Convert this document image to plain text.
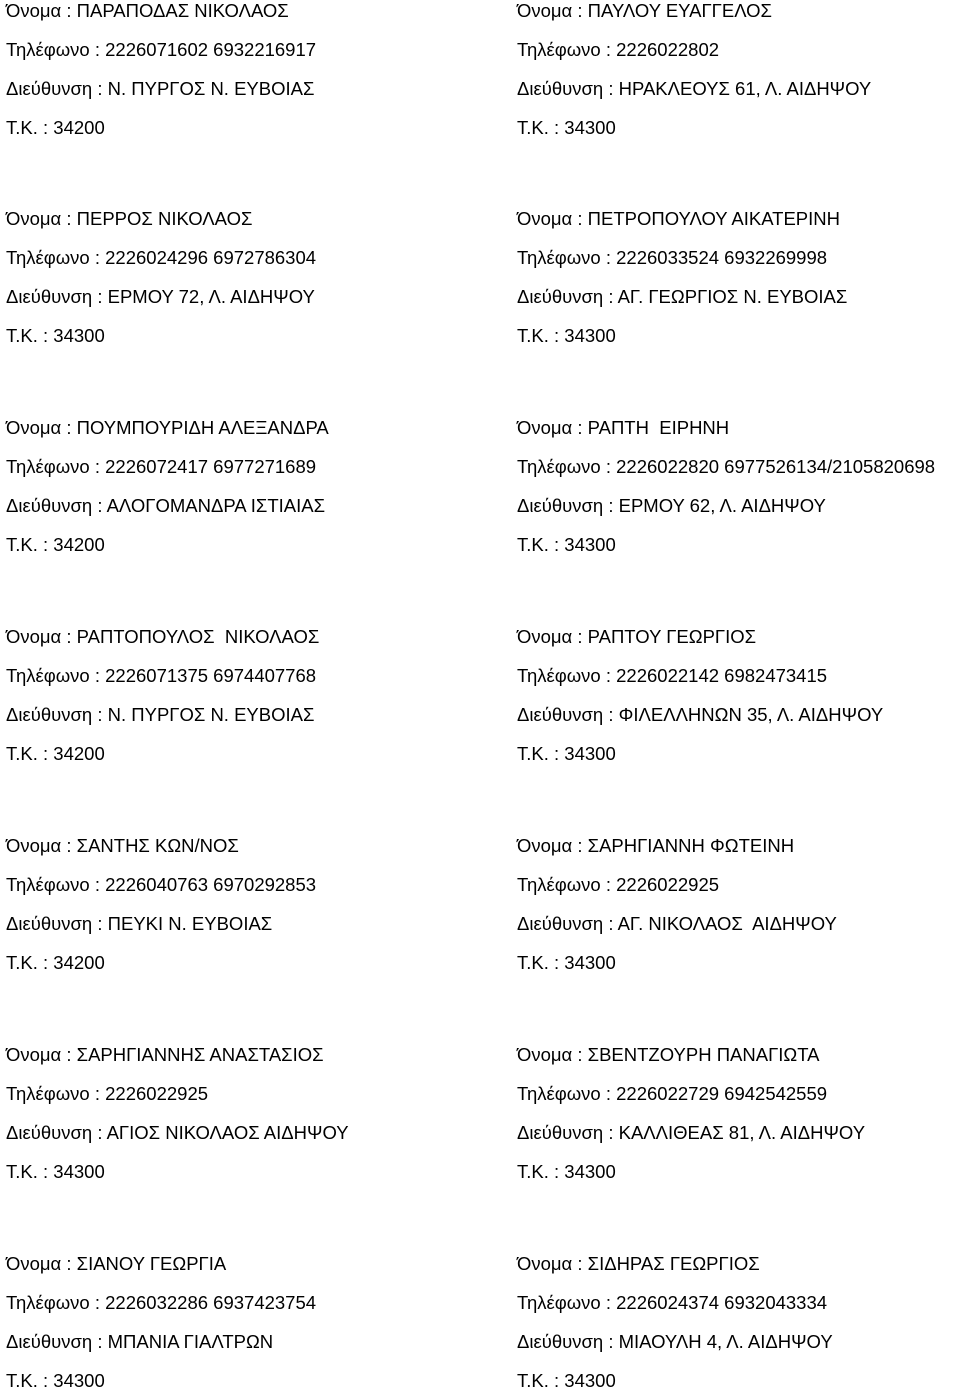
Όνομα : ΠΑΡΑΠΟΔΑΣ ΝΙΚΟΛΑΟΣ
Τηλέφωνο : 2226071602 6932216917
Διεύθυνση : Ν. ΠΥΡΓΟΣ Ν. ΕΥΒΟΙΑΣ
Τ.Κ. : 34200
Όνομα : ΠΑΥΛΟΥ ΕΥΑΓΓΕΛΟΣ
Τηλέφωνο : 2226022802
Διεύθυνση : ΗΡΑΚΛΕΟΥΣ 61, Λ. ΑΙΔΗΨΟΥ
Τ.Κ. : 34300
Όνομα : ΠΕΡΡΟΣ ΝΙΚΟΛΑΟΣ
Τηλέφωνο : 2226024296 6972786304
Διεύθυνση : ΕΡΜΟΥ 72, Λ. ΑΙΔΗΨΟΥ
Τ.Κ. : 34300
Όνομα : ΠΕΤΡΟΠΟΥΛΟΥ ΑΙΚΑΤΕΡΙΝΗ
Τηλέφωνο : 2226033524 6932269998
Διεύθυνση : ΑΓ. ΓΕΩΡΓΙΟΣ Ν. ΕΥΒΟΙΑΣ
Τ.Κ. : 34300
Όνομα : ΠΟΥΜΠΟΥΡΙΔΗ ΑΛΕΞΑΝΔΡΑ
Τηλέφωνο : 2226072417 6977271689
Διεύθυνση : ΑΛΟΓΟΜΑΝΔΡΑ ΙΣΤΙΑΙΑΣ
Τ.Κ. : 34200
Όνομα : ΡΑΠΤΗ  ΕΙΡΗΝΗ
Τηλέφωνο : 2226022820 6977526134/2105820698
Διεύθυνση : ΕΡΜΟΥ 62, Λ. ΑΙΔΗΨΟΥ
Τ.Κ. : 34300
Όνομα : ΡΑΠΤΟΠΟΥΛΟΣ  ΝΙΚΟΛΑΟΣ
Τηλέφωνο : 2226071375 6974407768
Διεύθυνση : Ν. ΠΥΡΓΟΣ Ν. ΕΥΒΟΙΑΣ
Τ.Κ. : 34200
Όνομα : ΡΑΠΤΟΥ ΓΕΩΡΓΙΟΣ
Τηλέφωνο : 2226022142 6982473415
Διεύθυνση : ΦΙΛΕΛΛΗΝΩΝ 35, Λ. ΑΙΔΗΨΟΥ
Τ.Κ. : 34300
Όνομα : ΣΑΝΤΗΣ ΚΩΝ/ΝΟΣ
Τηλέφωνο : 2226040763 6970292853
Διεύθυνση : ΠΕΥΚΙ Ν. ΕΥΒΟΙΑΣ
Τ.Κ. : 34200
Όνομα : ΣΑΡΗΓΙΑΝΝΗ ΦΩΤΕΙΝΗ
Τηλέφωνο : 2226022925
Διεύθυνση : ΑΓ. ΝΙΚΟΛΑΟΣ  ΑΙΔΗΨΟΥ
Τ.Κ. : 34300
Όνομα : ΣΑΡΗΓΙΑΝΝΗΣ ΑΝΑΣΤΑΣΙΟΣ
Τηλέφωνο : 2226022925
Διεύθυνση : ΑΓΙΟΣ ΝΙΚΟΛΑΟΣ ΑΙΔΗΨΟΥ
Τ.Κ. : 34300
Όνομα : ΣΒΕΝΤΖΟΥΡΗ ΠΑΝΑΓΙΩΤΑ
Τηλέφωνο : 2226022729 6942542559
Διεύθυνση : ΚΑΛΛΙΘΕΑΣ 81, Λ. ΑΙΔΗΨΟΥ
Τ.Κ. : 34300
Όνομα : ΣΙΑΝΟΥ ΓΕΩΡΓΙΑ
Τηλέφωνο : 2226032286 6937423754
Διεύθυνση : ΜΠΑΝΙΑ ΓΙΑΛΤΡΩΝ
Τ.Κ. : 34300
Όνομα : ΣΙΔΗΡΑΣ ΓΕΩΡΓΙΟΣ
Τηλέφωνο : 2226024374 6932043334
Διεύθυνση : ΜΙΑΟΥΛΗ 4, Λ. ΑΙΔΗΨΟΥ
Τ.Κ. : 34300
